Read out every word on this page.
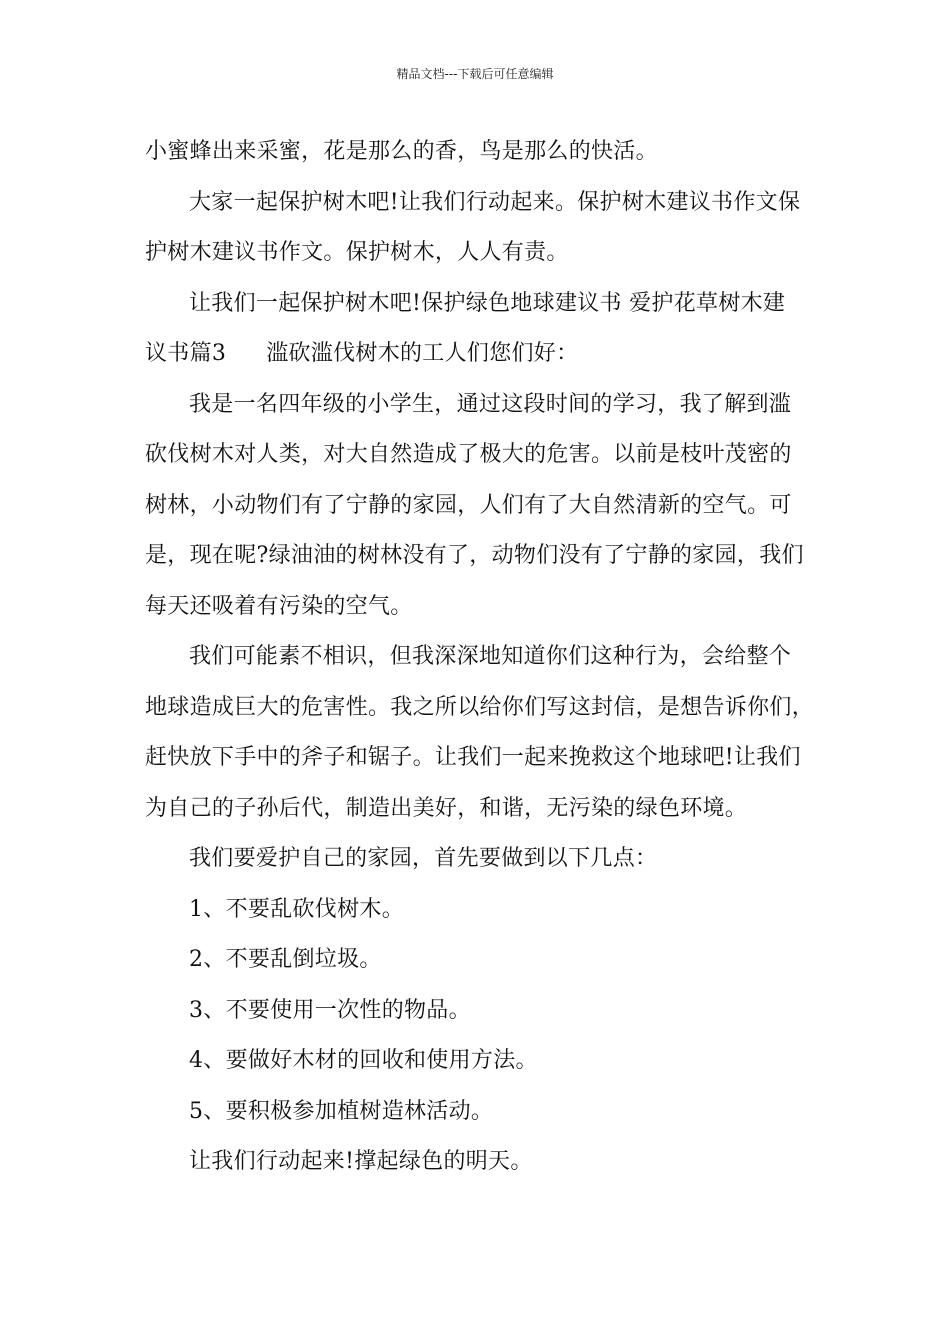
精品文档---下载后可任意编辑
小蜜蜂出来采蜜，花是那么的香，鸟是那么的快活。
大家一起保护树木吧!让我们行动起来。保护树木建议书作文保
护树木建议书作文。保护树木，人人有责。
让我们一起保护树木吧!保护绿色地球建议书 爱护花草树木建
议书篇3 滥砍滥伐树木的工人们您们好：
我是一名四年级的小学生，通过这段时间的学习，我了解到滥
砍伐树木对人类，对大自然造成了极大的危害。以前是枝叶茂密的
树林，小动物们有了宁静的家园，人们有了大自然清新的空气。可
是，现在呢?绿油油的树林没有了，动物们没有了宁静的家园，我们
每天还吸着有污染的空气。
我们可能素不相识，但我深深地知道你们这种行为，会给整个
地球造成巨大的危害性。我之所以给你们写这封信，是想告诉你们，
赶快放下手中的斧子和锯子。让我们一起来挽救这个地球吧!让我们
为自己的子孙后代，制造出美好，和谐，无污染的绿色环境。
我们要爱护自己的家园，首先要做到以下几点：
1、不要乱砍伐树木。
2、不要乱倒垃圾。
3、不要使用一次性的物品。
4、要做好木材的回收和使用方法。
5、要积极参加植树造林活动。
让我们行动起来!撑起绿色的明天。
